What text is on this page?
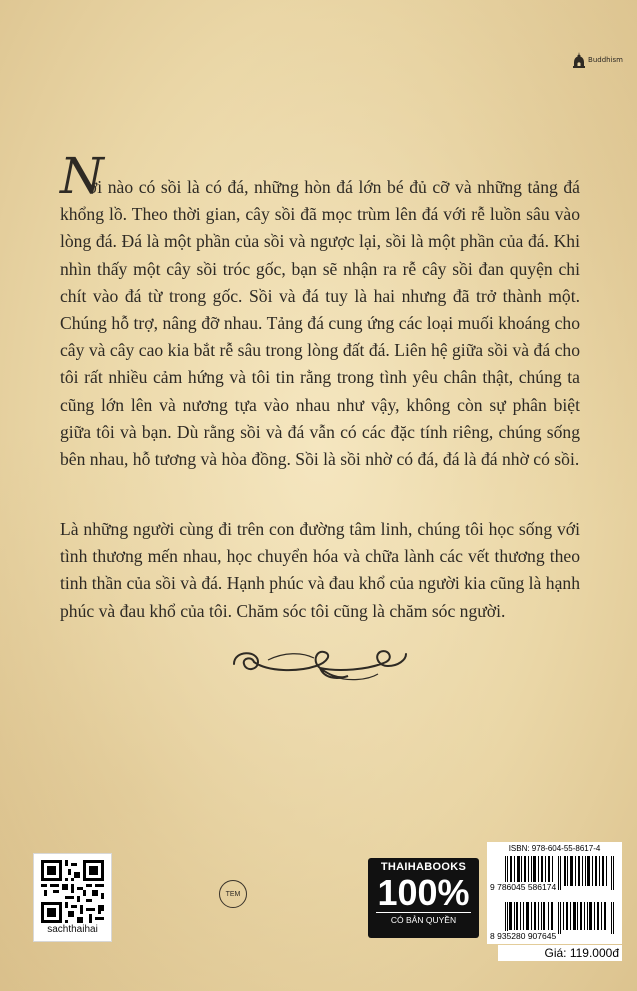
Buddhism

N
ơi nào có sồi là có đá, những hòn đá lớn bé đủ cỡ và những tảng đá khổng lồ. Theo thời gian, cây sồi đã mọc trùm lên đá với rễ luồn sâu vào lòng đá. Đá là một phần của sồi và ngược lại, sồi là một phần của đá. Khi nhìn thấy một cây sồi tróc gốc, bạn sẽ nhận ra rễ cây sồi đan quyện chi chít vào đá từ trong gốc. Sồi và đá tuy là hai nhưng đã trở thành một. Chúng hỗ trợ, nâng đỡ nhau. Tảng đá cung ứng các loại muối khoáng cho cây và cây cao kia bắt rễ sâu trong lòng đất đá. Liên hệ giữa sồi và đá cho tôi rất nhiều cảm hứng và tôi tin rằng trong tình yêu chân thật, chúng ta cũng lớn lên và nương tựa vào nhau như vậy, không còn sự phân biệt giữa tôi và bạn. Dù rằng sồi và đá vẫn có các đặc tính riêng, chúng sống bên nhau, hỗ tương và hòa đồng. Sồi là sồi nhờ có đá, đá là đá nhờ có sồi.

Là những người cùng đi trên con đường tâm linh, chúng tôi học sống với tình thương mến nhau, học chuyển hóa và chữa lành các vết thương theo tinh thần của sồi và đá. Hạnh phúc và đau khổ của người kia cũng là hạnh phúc và đau khổ của tôi. Chăm sóc tôi cũng là chăm sóc người.

sachthaihai
TEM
THAIHABOOKS
100%
CÓ BẢN QUYỀN
ISBN: 978-604-55-8617-4
9 786045 586174
8 935280 907645
Giá: 119.000đ
